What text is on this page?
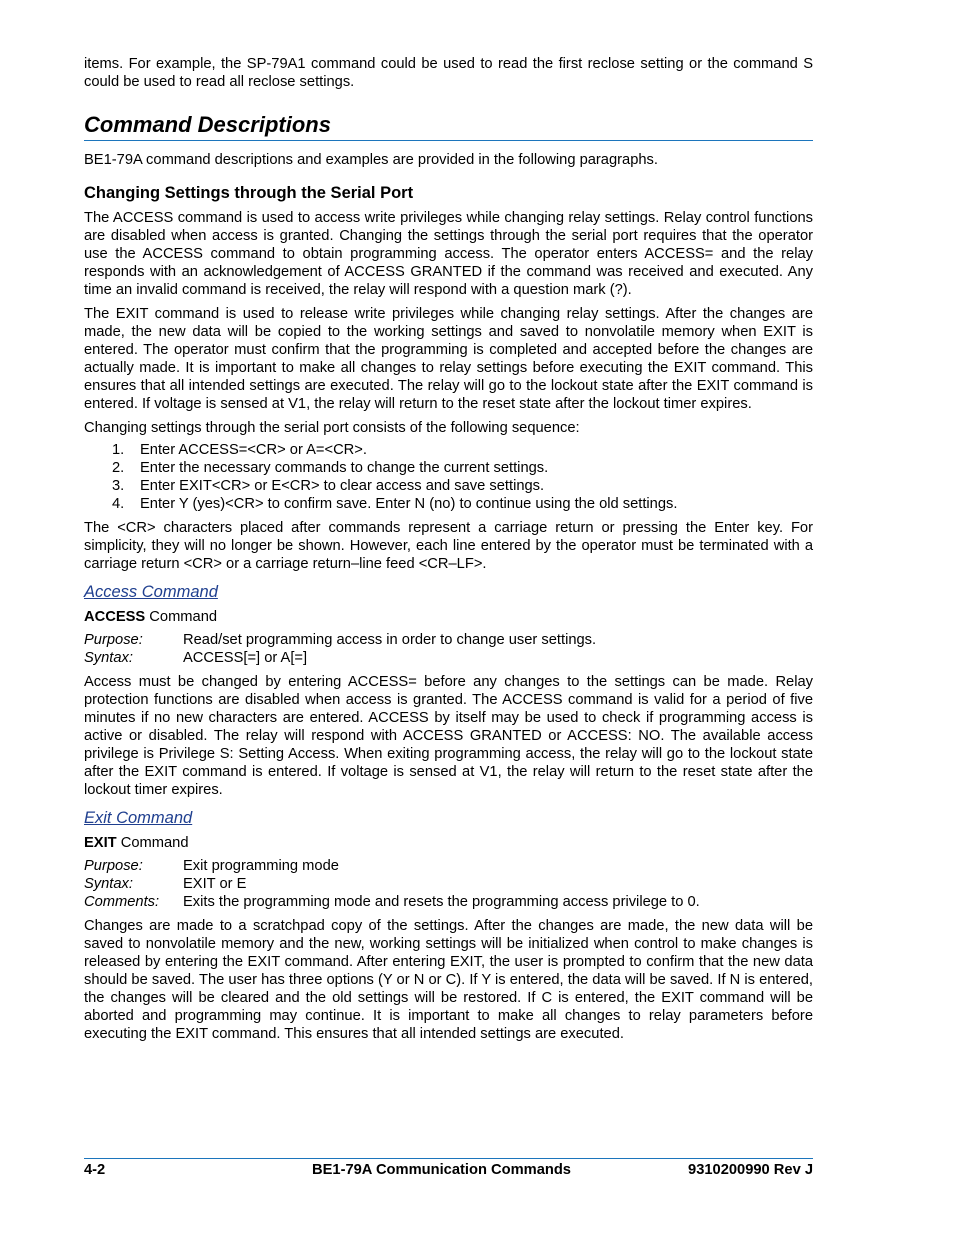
items. For example, the SP-79A1 command could be used to read the first reclose setting or the command S could be used to read all reclose settings.

Command Descriptions

BE1-79A command descriptions and examples are provided in the following paragraphs.

Changing Settings through the Serial Port

The ACCESS command is used to access write privileges while changing relay settings. Relay control functions are disabled when access is granted. Changing the settings through the serial port requires that the operator use the ACCESS command to obtain programming access. The operator enters ACCESS= and the relay responds with an acknowledgement of ACCESS GRANTED if the command was received and executed. Any time an invalid command is received, the relay will respond with a question mark (?).

The EXIT command is used to release write privileges while changing relay settings. After the changes are made, the new data will be copied to the working settings and saved to nonvolatile memory when EXIT is entered. The operator must confirm that the programming is completed and accepted before the changes are actually made. It is important to make all changes to relay settings before executing the EXIT command. This ensures that all intended settings are executed. The relay will go to the lockout state after the EXIT command is entered. If voltage is sensed at V1, the relay will return to the reset state after the lockout timer expires.

Changing settings through the serial port consists of the following sequence:

1.	Enter ACCESS=<CR> or A=<CR>.
2.	Enter the necessary commands to change the current settings.
3.	Enter EXIT<CR> or E<CR> to clear access and save settings.
4.	Enter Y (yes)<CR> to confirm save. Enter N (no) to continue using the old settings.

The <CR> characters placed after commands represent a carriage return or pressing the Enter key. For simplicity, they will no longer be shown. However, each line entered by the operator must be terminated with a carriage return <CR> or a carriage return–line feed <CR–LF>.

Access Command
ACCESS Command
Purpose:	Read/set programming access in order to change user settings.
Syntax:	ACCESS[=] or A[=]

Access must be changed by entering ACCESS= before any changes to the settings can be made. Relay protection functions are disabled when access is granted. The ACCESS command is valid for a period of five minutes if no new characters are entered. ACCESS by itself may be used to check if programming access is active or disabled. The relay will respond with ACCESS GRANTED or ACCESS: NO. The available access privilege is Privilege S: Setting Access. When exiting programming access, the relay will go to the lockout state after the EXIT command is entered. If voltage is sensed at V1, the relay will return to the reset state after the lockout timer expires.

Exit Command
EXIT Command
Purpose:	Exit programming mode
Syntax:	EXIT or E
Comments:	Exits the programming mode and resets the programming access privilege to 0.

Changes are made to a scratchpad copy of the settings. After the changes are made, the new data will be saved to nonvolatile memory and the new, working settings will be initialized when control to make changes is released by entering the EXIT command. After entering EXIT, the user is prompted to confirm that the new data should be saved. The user has three options (Y or N or C). If Y is entered, the data will be saved. If N is entered, the changes will be cleared and the old settings will be restored. If C is entered, the EXIT command will be aborted and programming may continue. It is important to make all changes to relay parameters before executing the EXIT command. This ensures that all intended settings are executed.

4-2	BE1-79A Communication Commands	9310200990 Rev J
